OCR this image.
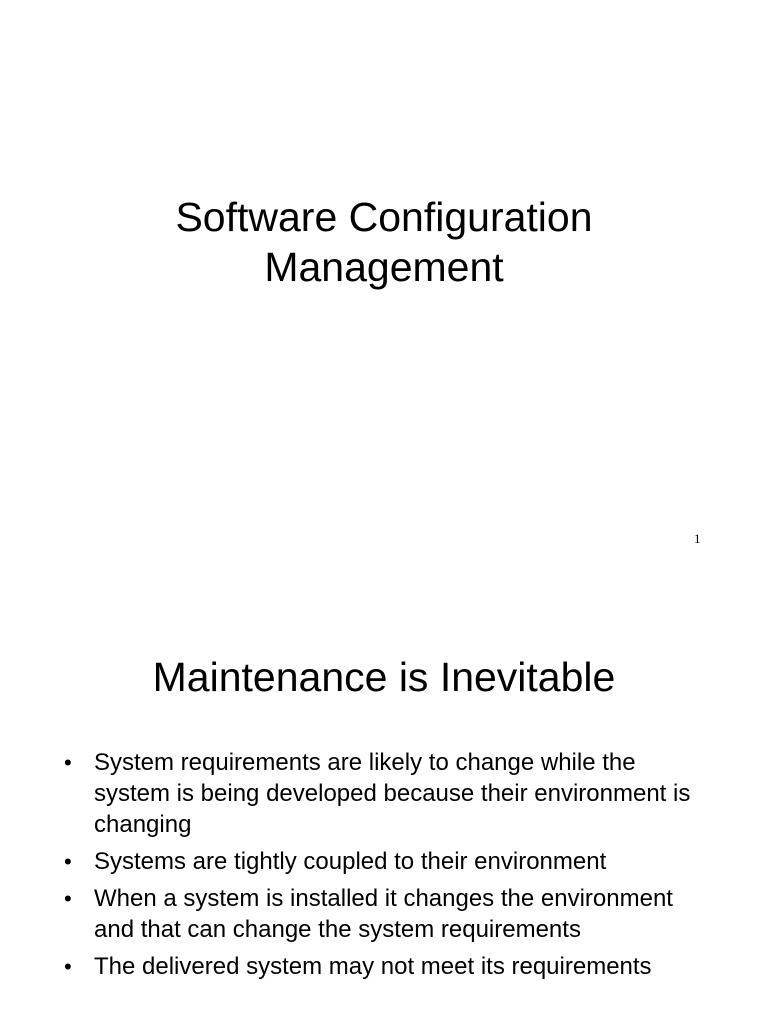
Software Configuration
Management
1
Maintenance is Inevitable
• System requirements are likely to change while the system is being developed because their environment is changing
• Systems are tightly coupled to their environment
• When a system is installed it changes the environment and that can change the system requirements
• The delivered system may not meet its requirements
